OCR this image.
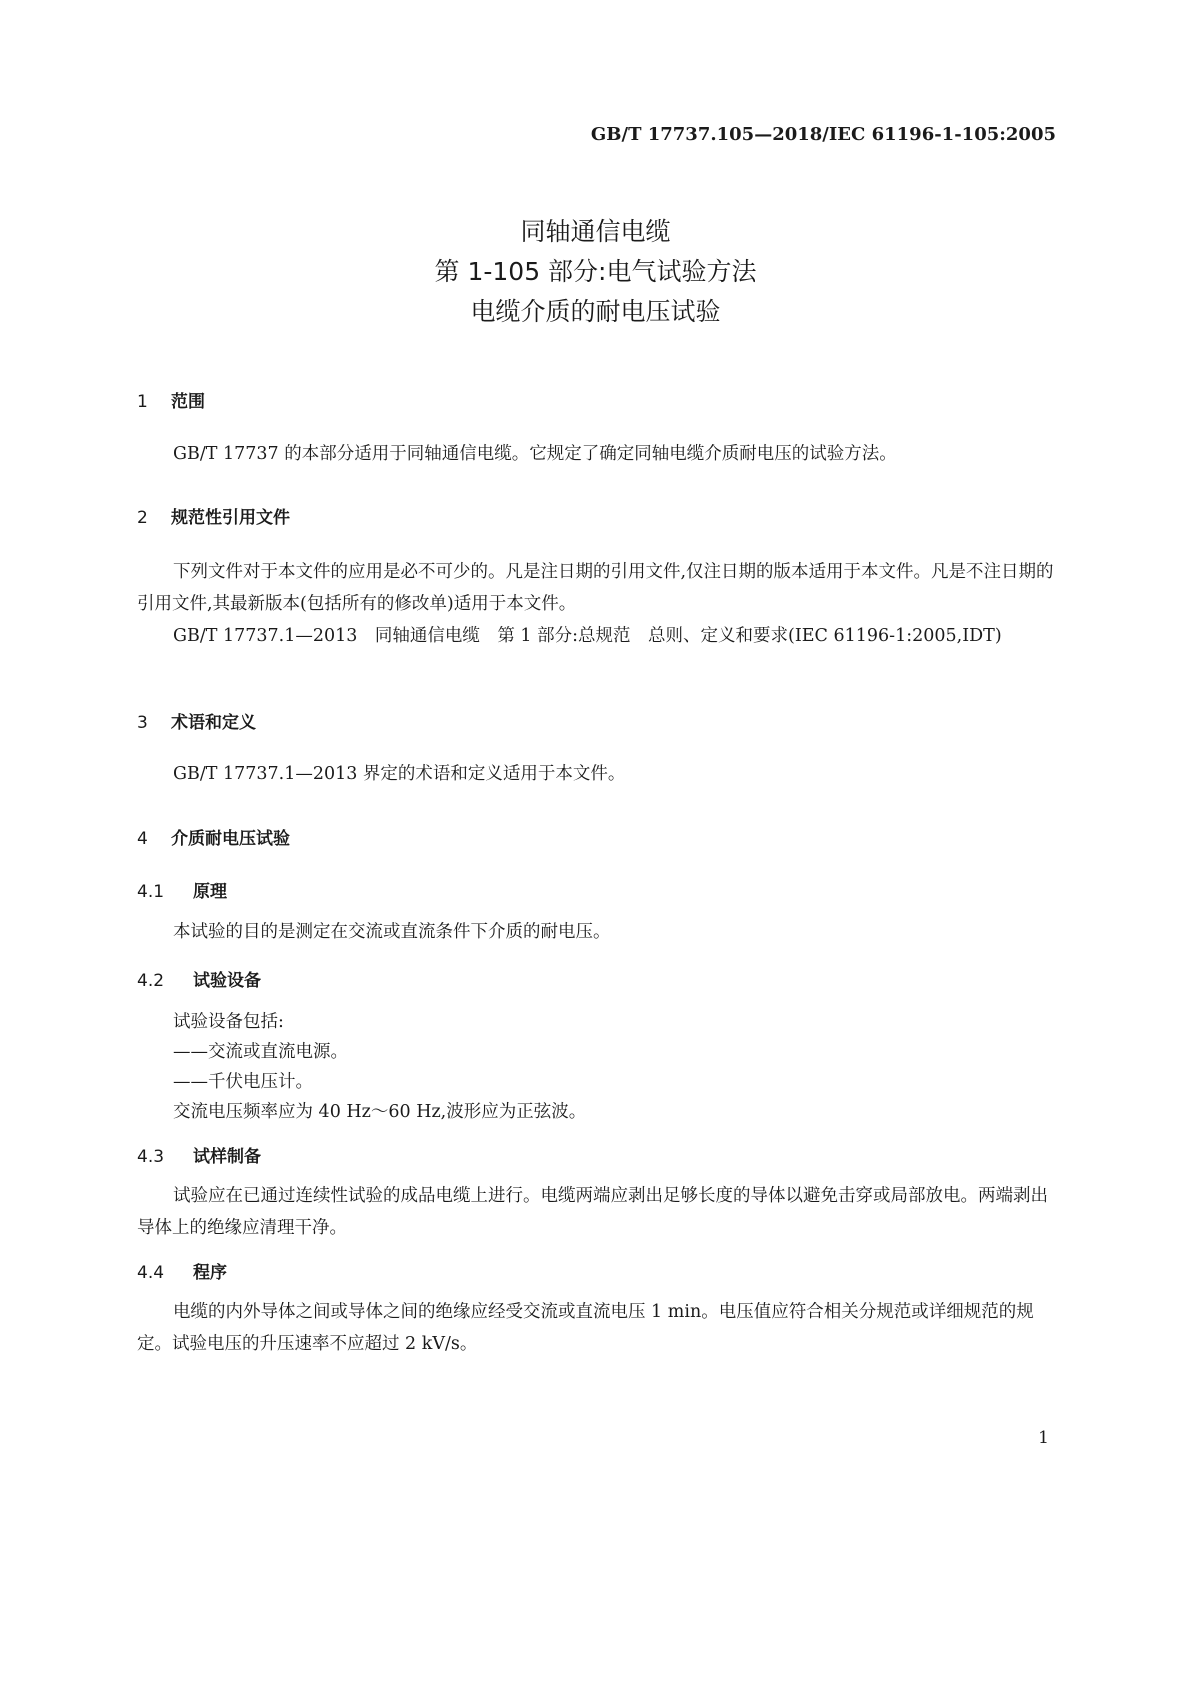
GB/T 17737.105—2018/IEC 61196-1-105:2005
同轴通信电缆
第 1-105 部分:电气试验方法
电缆介质的耐电压试验
1 范围
GB/T 17737 的本部分适用于同轴通信电缆。它规定了确定同轴电缆介质耐电压的试验方法。
2 规范性引用文件
下列文件对于本文件的应用是必不可少的。凡是注日期的引用文件,仅注日期的版本适用于本文件。凡是不注日期的引用文件,其最新版本(包括所有的修改单)适用于本文件。
GB/T 17737.1—2013　同轴通信电缆　第 1 部分:总规范　总则、定义和要求(IEC 61196-1:2005,IDT)
3 术语和定义
GB/T 17737.1—2013 界定的术语和定义适用于本文件。
4 介质耐电压试验
4.1 原理
本试验的目的是测定在交流或直流条件下介质的耐电压。
4.2 试验设备
试验设备包括:
——交流或直流电源。
——千伏电压计。
交流电压频率应为 40 Hz～60 Hz,波形应为正弦波。
4.3 试样制备
试验应在已通过连续性试验的成品电缆上进行。电缆两端应剥出足够长度的导体以避免击穿或局部放电。两端剥出导体上的绝缘应清理干净。
4.4 程序
电缆的内外导体之间或导体之间的绝缘应经受交流或直流电压 1 min。电压值应符合相关分规范或详细规范的规定。试验电压的升压速率不应超过 2 kV/s。
1
